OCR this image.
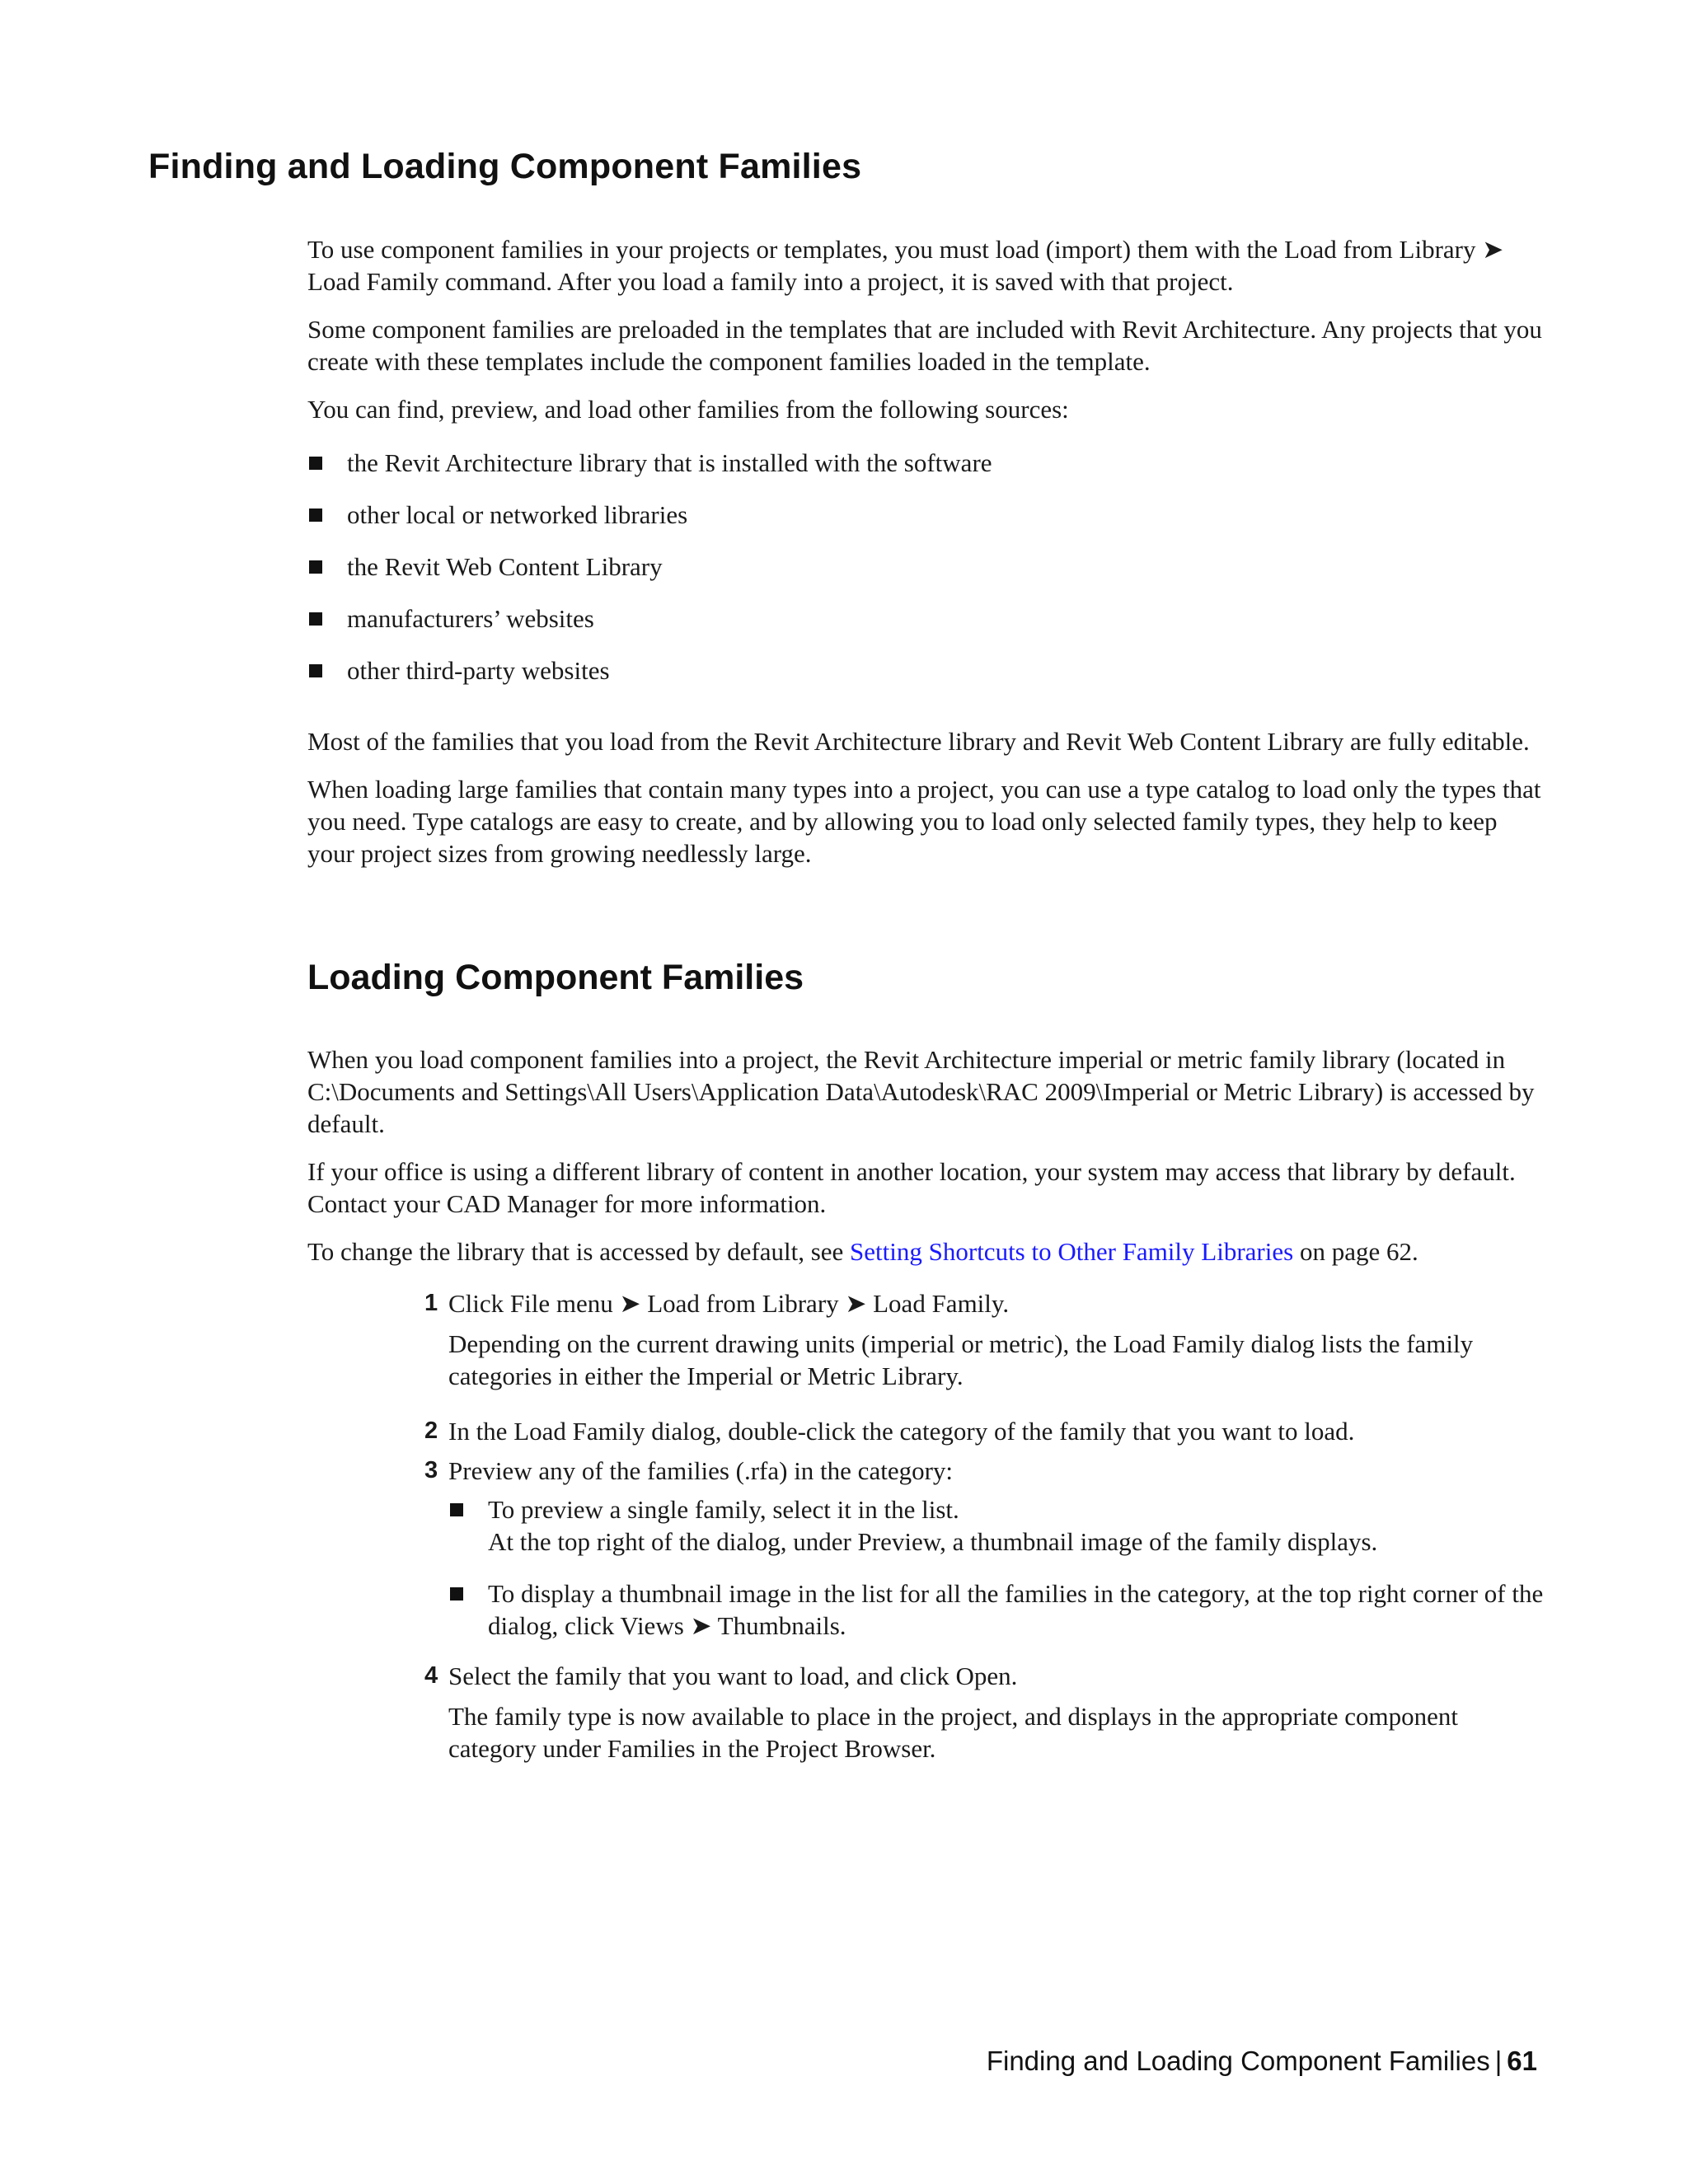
Finding and Loading Component Families

To use component families in your projects or templates, you must load (import) them with the Load from Library ➤ Load Family command. After you load a family into a project, it is saved with that project.

Some component families are preloaded in the templates that are included with Revit Architecture. Any projects that you create with these templates include the component families loaded in the template.

You can find, preview, and load other families from the following sources:

the Revit Architecture library that is installed with the software
other local or networked libraries
the Revit Web Content Library
manufacturers’ websites
other third-party websites

Most of the families that you load from the Revit Architecture library and Revit Web Content Library are fully editable.

When loading large families that contain many types into a project, you can use a type catalog to load only the types that you need. Type catalogs are easy to create, and by allowing you to load only selected family types, they help to keep your project sizes from growing needlessly large.

Loading Component Families

When you load component families into a project, the Revit Architecture imperial or metric family library (located in C:\Documents and Settings\All Users\Application Data\Autodesk\RAC 2009\Imperial or Metric Library) is accessed by default.

If your office is using a different library of content in another location, your system may access that library by default. Contact your CAD Manager for more information.

To change the library that is accessed by default, see Setting Shortcuts to Other Family Libraries on page 62.

1 Click File menu ➤ Load from Library ➤ Load Family.
Depending on the current drawing units (imperial or metric), the Load Family dialog lists the family categories in either the Imperial or Metric Library.
2 In the Load Family dialog, double-click the category of the family that you want to load.
3 Preview any of the families (.rfa) in the category:
To preview a single family, select it in the list.
At the top right of the dialog, under Preview, a thumbnail image of the family displays.
To display a thumbnail image in the list for all the families in the category, at the top right corner of the dialog, click Views ➤ Thumbnails.
4 Select the family that you want to load, and click Open.
The family type is now available to place in the project, and displays in the appropriate component category under Families in the Project Browser.
Finding and Loading Component Families | 61
